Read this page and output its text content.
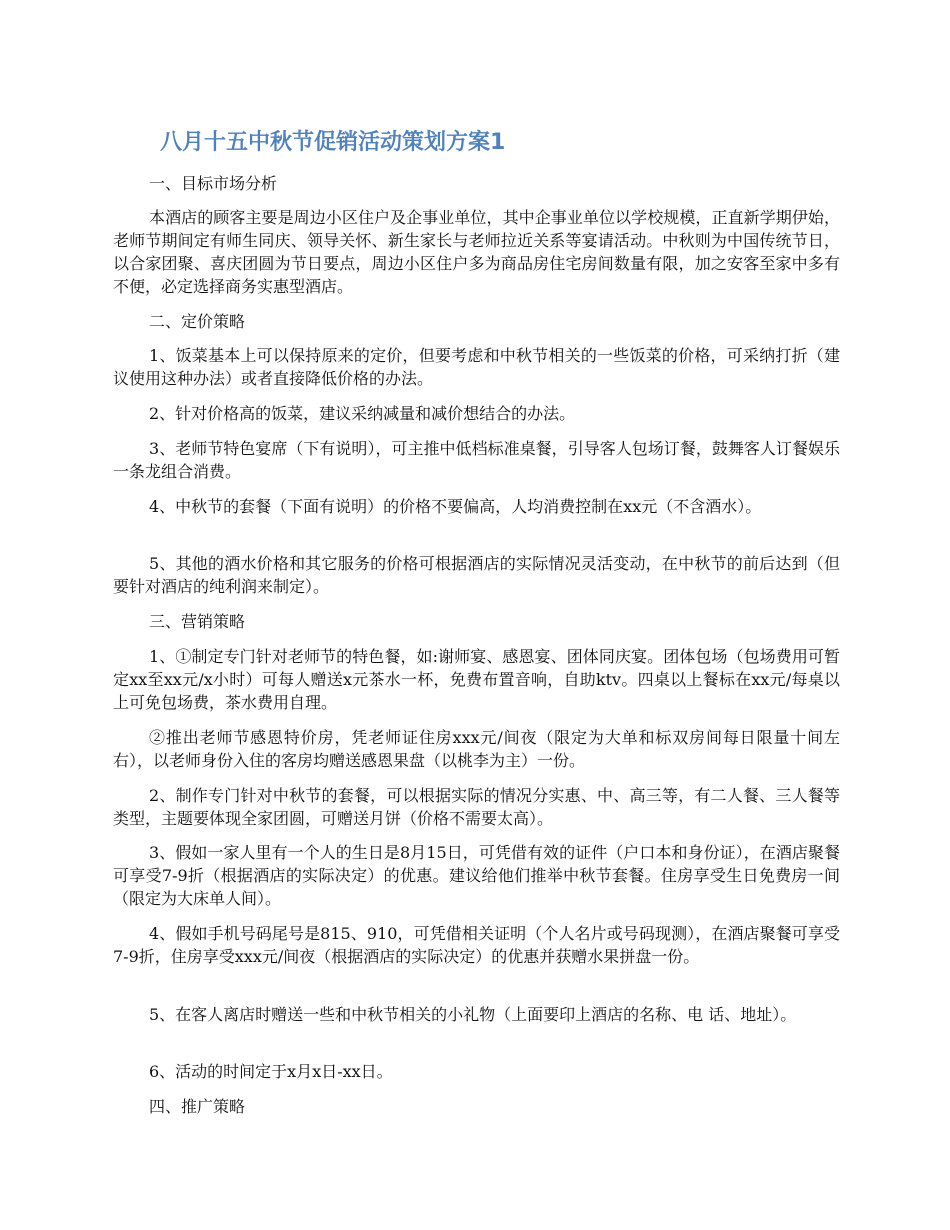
八月十五中秋节促销活动策划方案1

一、目标市场分析

本酒店的顾客主要是周边小区住户及企事业单位，其中企事业单位以学校规模，正直新学期伊始，老师节期间定有师生同庆、领导关怀、新生家长与老师拉近关系等宴请活动。中秋则为中国传统节日，以合家团聚、喜庆团圆为节日要点，周边小区住户多为商品房住宅房间数量有限，加之安客至家中多有不便，必定选择商务实惠型酒店。

二、定价策略

1、饭菜基本上可以保持原来的定价，但要考虑和中秋节相关的一些饭菜的价格，可采纳打折（建议使用这种办法）或者直接降低价格的办法。

2、针对价格高的饭菜，建议采纳减量和减价想结合的办法。

3、老师节特色宴席（下有说明），可主推中低档标准桌餐，引导客人包场订餐，鼓舞客人订餐娱乐一条龙组合消费。

4、中秋节的套餐（下面有说明）的价格不要偏高，人均消费控制在xx元（不含酒水）。

5、其他的酒水价格和其它服务的价格可根据酒店的实际情况灵活变动，在中秋节的前后达到（但要针对酒店的纯利润来制定）。

三、营销策略

1、①制定专门针对老师节的特色餐，如:谢师宴、感恩宴、团体同庆宴。团体包场（包场费用可暂定xx至xx元/x小时）可每人赠送x元茶水一杯，免费布置音响，自助ktv。四桌以上餐标在xx元/每桌以上可免包场费，茶水费用自理。

②推出老师节感恩特价房，凭老师证住房xxx元/间夜（限定为大单和标双房间每日限量十间左右），以老师身份入住的客房均赠送感恩果盘（以桃李为主）一份。

2、制作专门针对中秋节的套餐，可以根据实际的情况分实惠、中、高三等，有二人餐、三人餐等类型，主题要体现全家团圆，可赠送月饼（价格不需要太高）。

3、假如一家人里有一个人的生日是8月15日，可凭借有效的证件（户口本和身份证），在酒店聚餐可享受7-9折（根据酒店的实际决定）的优惠。建议给他们推举中秋节套餐。住房享受生日免费房一间（限定为大床单人间）。

4、假如手机号码尾号是815、910，可凭借相关证明（个人名片或号码现测），在酒店聚餐可享受7-9折，住房享受xxx元/间夜（根据酒店的实际决定）的优惠并获赠水果拼盘一份。

5、在客人离店时赠送一些和中秋节相关的小礼物（上面要印上酒店的名称、电 话、地址）。

6、活动的时间定于x月x日-xx日。

四、推广策略
